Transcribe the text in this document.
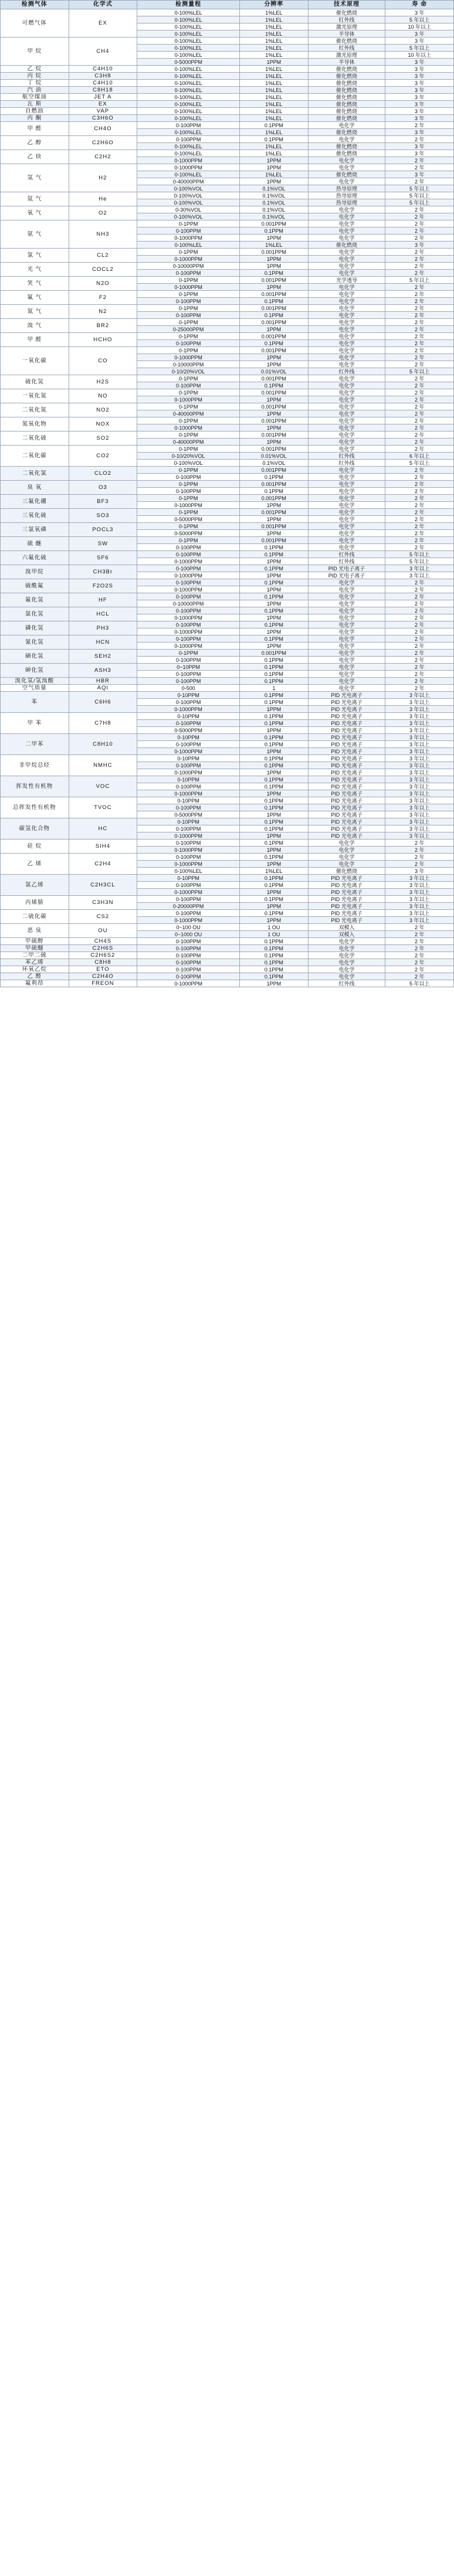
检测气体	化学式	检测量程	分辨率	技术原理	寿 命
可燃气体	EX	0-100%LEL	1%LEL	催化燃烧	3 年
		0-100%LEL	1%LEL	红外线	5 年以上
		0-100%LEL	1%LEL	激光原理	10 年以上
		0-100%LEL	1%LEL	半导体	3 年
甲 烷	CH4	0-100%LEL	1%LEL	催化燃烧	3 年
		0-100%LEL	1%LEL	红外线	5 年以上
		0-100%LEL	1%LEL	激光原理	10 年以上
		0-5000PPM	1PPM	半导体	3 年
乙 烷	C4H10	0-100%LEL	1%LEL	催化燃烧	3 年
丙 烷	C3H8	0-100%LEL	1%LEL	催化燃烧	3 年
丁 烷	C4H10	0-100%LEL	1%LEL	催化燃烧	3 年
汽 油	C8H18	0-100%LEL	1%LEL	催化燃烧	3 年
航空煤油	JET A	0-100%LEL	1%LEL	催化燃烧	3 年
瓦 斯	EX	0-100%LEL	1%LEL	催化燃烧	3 年
自燃油	VAP	0-100%LEL	1%LEL	催化燃烧	3 年
丙 酮	C3H6O	0-100%LEL	1%LEL	催化燃烧	3 年
甲 醛	CH4O	0-100PPM	0.1PPM	电化学	2 年
		0-100%LEL	1%LEL	催化燃烧	3 年
乙 醇	C2H6O	0-100PPM	0.1PPM	电化学	2 年
		0-100%LEL	1%LEL	催化燃烧	3 年
乙 炔	C2H2	0-100%LEL	1%LEL	催化燃烧	3 年
		0-1000PPM	1PPM	电化学	2 年
氢 气	H2	0-1000PPM	1PPM	电化学	2 年
		0-100%LEL	1%LEL	催化燃烧	3 年
		0-40000PPM	1PPM	电化学	2 年
		0-100%VOL	0.1%VOL	热导原理	5 年以上
氦 气	He	0-100%VOL	0.1%VOL	热导原理	5 年以上
		0-100%VOL	0.1%VOL	热导原理	5 年以上
氧 气	O2	0-30%VOL	0.1%VOL	电化学	2 年
		0-100%VOL	0.1%VOL	电化学	2 年
氨 气	NH3	0-1PPM	0.001PPM	电化学	2 年
		0-100PPM	0.1PPM	电化学	2 年
		0-1000PPM	1PPM	电化学	2 年
		0-100%LEL	1%LEL	催化燃烧	3 年
氯 气	CL2	0-1PPM	0.001PPM	电化学	2 年
		0-1000PPM	1PPM	电化学	2 年
光 气	COCL2	0-10000PPM	1PPM	电化学	2 年
		0-100PPM	0.1PPM	电化学	2 年
笑 气	N2O	0-1PPM	0.001PPM	光学透导	5 年以上
		0-1000PPM	1PPM	电化学	2 年
氟 气	F2	0-1PPM	0.001PPM	电化学	2 年
		0-100PPM	0.1PPM	电化学	2 年
氮 气	N2	0-1PPM	0.001PPM	电化学	2 年
		0-100PPM	0.1PPM	电化学	2 年
溴 气	BR2	0-1PPM	0.001PPM	电化学	2 年
		0-25000PPM	1PPM	电化学	2 年
甲 醛	HCHO	0-1PPM	0.001PPM	电化学	2 年
		0-100PPM	0.1PPM	电化学	2 年
一氧化碳	CO	0-1PPM	0.001PPM	电化学	2 年
		0-1000PPM	1PPM	电化学	2 年
		0-10000PPM	1PPM	电化学	2 年
		0-10/20%VOL	0.01%VOL	红外线	5 年以上
硫化氢	H2S	0-1PPM	0.001PPM	电化学	2 年
		0-100PPM	0.1PPM	电化学	2 年
一氧化氮	NO	0-1PPM	0.001PPM	电化学	2 年
		0-1000PPM	1PPM	电化学	2 年
二氧化氮	NO2	0-1PPM	0.001PPM	电化学	2 年
		0-40000PPM	1PPM	电化学	2 年
氮氧化物	NOX	0-1PPM	0.001PPM	电化学	2 年
		0-1000PPM	1PPM	电化学	2 年
二氧化硫	SO2	0-1PPM	0.001PPM	电化学	2 年
		0-40000PPM	1PPM	电化学	2 年
二氧化碳	CO2	0-1PPM	0.001PPM	电化学	2 年
		0-10/20%VOL	0.01%VOL	红外线	6 年以上
		0-100%VOL	0.1%VOL	红外线	5 年以上
二氧化氯	CLO2	0-1PPM	0.001PPM	电化学	2 年
		0-100PPM	0.1PPM	电化学	2 年
臭 氧	O3	0-1PPM	0.001PPM	电化学	2 年
		0-100PPM	0.1PPM	电化学	2 年
三氟化硼	BF3	0-1PPM	0.001PPM	电化学	2 年
		0-1000PPM	1PPM	电化学	2 年
三氧化硫	SO3	0-1PPM	0.001PPM	电化学	2 年
		0-5000PPM	1PPM	电化学	2 年
三氯氧磷	POCL3	0-1PPM	0.001PPM	电化学	2 年
		0-5000PPM	1PPM	电化学	2 年
硫 醚	SW	0-1PPM	0.001PPM	电化学	2 年
		0-100PPM	0.1PPM	电化学	2 年
六氟化硫	SF6	0-100PPM	0.1PPM	红外线	5 年以上
		0-1000PPM	1PPM	红外线	5 年以上
溴甲烷	CH3Br	0-100PPM	0.1PPM	PID 光电子离子	3 年以上
		0-1000PPM	1PPM	PID 光电子离子	3 年以上
硫酰氟	F2O2S	0-100PPM	0.1PPM	电化学	2 年
		0-1000PPM	1PPM	电化学	2 年
氟化氢	HF	0-100PPM	0.1PPM	电化学	2 年
		0-10000PPM	1PPM	电化学	2 年
氯化氢	HCL	0-100PPM	0.1PPM	电化学	2 年
		0-1000PPM	1PPM	电化学	2 年
磷化氢	PH3	0-100PPM	0.1PPM	电化学	2 年
		0-1000PPM	1PPM	电化学	2 年
氰化氢	HCN	0-100PPM	0.1PPM	电化学	2 年
		0-1000PPM	1PPM	电化学	2 年
硒化氢	SEH2	0-1PPM	0.001PPM	电化学	2 年
		0-100PPM	0.1PPM	电化学	2 年
砷化氢	ASH3	0~10PPM	0.1PPM	电化学	2 年
		0-100PPM	0.1PPM	电化学	2 年
溴化氢/氢溴酸	HBR	0-100PPM	0.1PPM	电化学	2 年
空气质量	AQI	0-500	1	电化学	2 年
苯	C6H6	0-10PPM	0.1PPM	PID 光电离子	3 年以上
		0-100PPM	0.1PPM	PID 光电离子	3 年以上
		0-1000PPM	1PPM	PID 光电离子	3 年以上
甲 苯	C7H8	0-10PPM	0.1PPM	PID 光电离子	3 年以上
		0-100PPM	0.1PPM	PID 光电离子	3 年以上
		0-5000PPM	1PPM	PID 光电离子	3 年以上
二甲苯	C8H10	0-10PPM	0.1PPM	PID 光电离子	3 年以上
		0-100PPM	0.1PPM	PID 光电离子	3 年以上
		0-1000PPM	1PPM	PID 光电离子	3 年以上
非甲烷总烃	NMHC	0-10PPM	0.1PPM	PID 光电离子	3 年以上
		0-100PPM	0.1PPM	PID 光电离子	3 年以上
		0-1000PPM	1PPM	PID 光电离子	3 年以上
挥发性有机物	VOC	0-10PPM	0.1PPM	PID 光电离子	3 年以上
		0-100PPM	0.1PPM	PID 光电离子	3 年以上
		0-1000PPM	1PPM	PID 光电离子	3 年以上
总挥发性有机物	TVOC	0-10PPM	0.1PPM	PID 光电离子	3 年以上
		0-100PPM	0.1PPM	PID 光电离子	3 年以上
		0-5000PPM	1PPM	PID 光电离子	3 年以上
碳氢化合物	HC	0-10PPM	0.1PPM	PID 光电离子	3 年以上
		0-100PPM	0.1PPM	PID 光电离子	3 年以上
		0-1000PPM	1PPM	PID 光电离子	3 年以上
硅 烷	SIH4	0-100PPM	0.1PPM	电化学	2 年
		0-1000PPM	1PPM	电化学	2 年
乙 烯	C2H4	0-100PPM	0.1PPM	电化学	2 年
		0-1000PPM	1PPM	电化学	2 年
		0-100%LEL	1%LEL	催化燃烧	3 年
氯乙烯	C2H3CL	0-10PPM	0.1PPM	PID 光电离子	3 年以上
		0-100PPM	0.1PPM	PID 光电离子	3 年以上
		0-1000PPM	1PPM	PID 光电离子	3 年以上
丙烯腈	C3H3N	0-100PPM	0.1PPM	PID 光电离子	3 年以上
		0-20000PPM	1PPM	PID 光电离子	3 年以上
二硫化碳	CS2	0-100PPM	0.1PPM	PID 光电离子	3 年以上
		0-1000PPM	1PPM	PID 光电离子	3 年以上
恶 臭	OU	0~100 OU	1 OU	双模入	2 年
		0~1000 OU	1 OU	双模入	2 年
甲硫醇	CH4S	0-100PPM	0.1PPM	电化学	2 年
甲硫醚	C2H6S	0-100PPM	0.1PPM	电化学	2 年
二甲二硫	C2H6S2	0-100PPM	0.1PPM	电化学	2 年
苯乙烯	C8H8	0-100PPM	0.1PPM	电化学	2 年
环氧乙烷	ETO	0-100PPM	0.1PPM	电化学	2 年
乙 醛	C2H4O	0-100PPM	0.1PPM	电化学	2 年
氟利昂	FREON	0-1000PPM	1PPM	红外线	5 年以上
